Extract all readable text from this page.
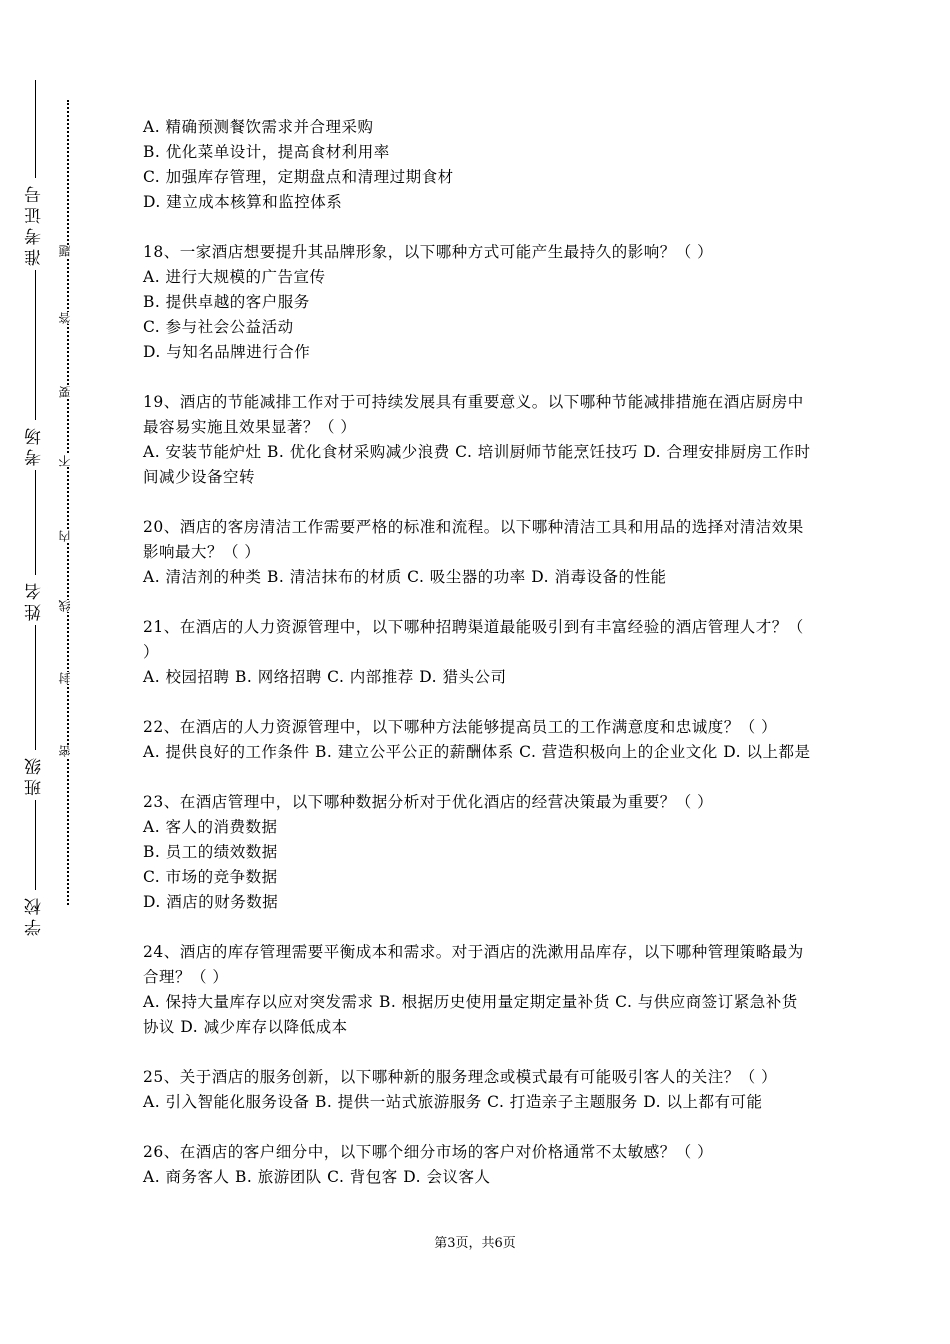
准考证号
考场
姓名
班级
学校
题
答
要
不
内
线
封
密
A. 精确预测餐饮需求并合理采购
B. 优化菜单设计，提高食材利用率
C. 加强库存管理，定期盘点和清理过期食材
D. 建立成本核算和监控体系
18、一家酒店想要提升其品牌形象，以下哪种方式可能产生最持久的影响？（ ）
A. 进行大规模的广告宣传
B. 提供卓越的客户服务
C. 参与社会公益活动
D. 与知名品牌进行合作
19、酒店的节能减排工作对于可持续发展具有重要意义。以下哪种节能减排措施在酒店厨房中最容易实施且效果显著？（ ）
A. 安装节能炉灶 B. 优化食材采购减少浪费 C. 培训厨师节能烹饪技巧 D. 合理安排厨房工作时间减少设备空转
20、酒店的客房清洁工作需要严格的标准和流程。以下哪种清洁工具和用品的选择对清洁效果影响最大？（ ）
A. 清洁剂的种类 B. 清洁抹布的材质 C. 吸尘器的功率 D. 消毒设备的性能
21、在酒店的人力资源管理中，以下哪种招聘渠道最能吸引到有丰富经验的酒店管理人才？（ ）
A. 校园招聘 B. 网络招聘 C. 内部推荐 D. 猎头公司
22、在酒店的人力资源管理中，以下哪种方法能够提高员工的工作满意度和忠诚度？（ ）
A. 提供良好的工作条件 B. 建立公平公正的薪酬体系 C. 营造积极向上的企业文化 D. 以上都是
23、在酒店管理中，以下哪种数据分析对于优化酒店的经营决策最为重要？（ ）
A. 客人的消费数据
B. 员工的绩效数据
C. 市场的竞争数据
D. 酒店的财务数据
24、酒店的库存管理需要平衡成本和需求。对于酒店的洗漱用品库存，以下哪种管理策略最为合理？（ ）
A. 保持大量库存以应对突发需求 B. 根据历史使用量定期定量补货 C. 与供应商签订紧急补货协议 D. 减少库存以降低成本
25、关于酒店的服务创新，以下哪种新的服务理念或模式最有可能吸引客人的关注？（ ）
A. 引入智能化服务设备 B. 提供一站式旅游服务 C. 打造亲子主题服务 D. 以上都有可能
26、在酒店的客户细分中，以下哪个细分市场的客户对价格通常不太敏感？（ ）
A. 商务客人 B. 旅游团队 C. 背包客 D. 会议客人
第3页，共6页
